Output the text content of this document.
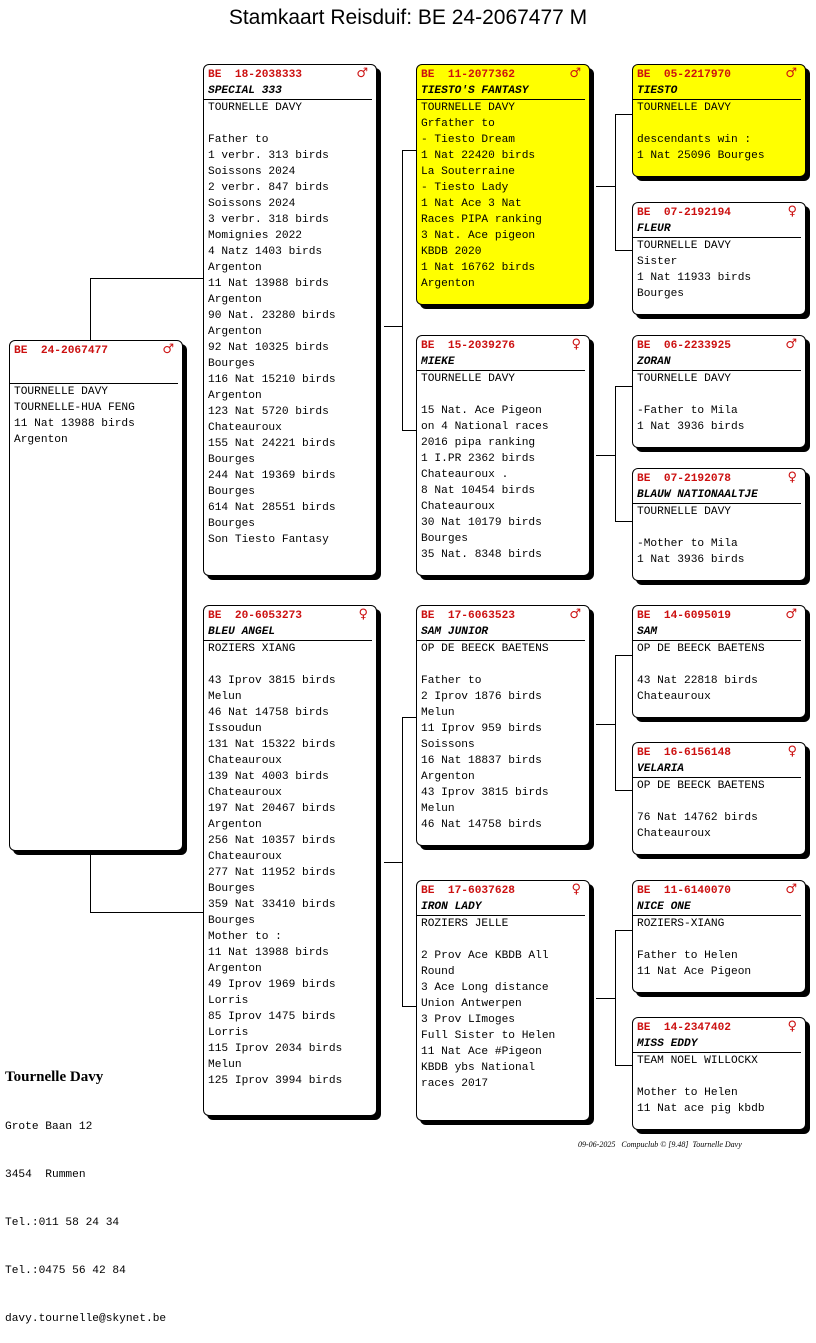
Stamkaart Reisduif: BE 24-2067477 M
BE  24-2067477	♂
TOURNELLE DAVY
TOURNELLE-HUA FENG
11 Nat 13988 birds
Argenton
BE  18-2038333	♂
SPECIAL 333
TOURNELLE DAVY

Father to
1 verbr. 313 birds
Soissons 2024
2 verbr. 847 birds
Soissons 2024
3 verbr. 318 birds
Momignies 2022
4 Natz 1403 birds
Argenton
11 Nat 13988 birds
Argenton
90 Nat. 23280 birds
Argenton
92 Nat 10325 birds
Bourges
116 Nat 15210 birds
Argenton
123 Nat 5720 birds
Chateauroux
155 Nat 24221 birds
Bourges
244 Nat 19369 birds
Bourges
614 Nat 28551 birds
Bourges
Son Tiesto Fantasy
BE  20-6053273	♀
BLEU ANGEL
ROZIERS XIANG

43 Iprov 3815 birds
Melun
46 Nat 14758 birds
Issoudun
131 Nat 15322 birds
Chateauroux
139 Nat 4003 birds
Chateauroux
197 Nat 20467 birds
Argenton
256 Nat 10357 birds
Chateauroux
277 Nat 11952 birds
Bourges
359 Nat 33410 birds
Bourges
Mother to :
11 Nat 13988 birds
Argenton
49 Iprov 1969 birds
Lorris
85 Iprov 1475 birds
Lorris
115 Iprov 2034 birds
Melun
125 Iprov 3994 birds
BE  11-2077362	♂
TIESTO'S FANTASY
TOURNELLE DAVY
Grfather to
- Tiesto Dream
1 Nat 22420 birds
La Souterraine
- Tiesto Lady
1 Nat Ace 3 Nat
Races PIPA ranking
3 Nat. Ace pigeon
KBDB 2020
1 Nat 16762 birds
Argenton
BE  15-2039276	♀
MIEKE
TOURNELLE DAVY

15 Nat. Ace Pigeon
on 4 National races
2016 pipa ranking
1 I.PR 2362 birds
Chateauroux .
8 Nat 10454 birds
Chateauroux
30 Nat 10179 birds
Bourges
35 Nat. 8348 birds
BE  17-6063523	♂
SAM JUNIOR
OP DE BEECK BAETENS

Father to
2 Iprov 1876 birds
Melun
11 Iprov 959 birds
Soissons
16 Nat 18837 birds
Argenton
43 Iprov 3815 birds
Melun
46 Nat 14758 birds
BE  17-6037628	♀
IRON LADY
ROZIERS JELLE

2 Prov Ace KBDB All
Round
3 Ace Long distance
Union Antwerpen
3 Prov LImoges
Full Sister to Helen
11 Nat Ace #Pigeon
KBDB ybs National
races 2017
BE  05-2217970	♂
TIESTO
TOURNELLE DAVY

descendants win :
1 Nat 25096 Bourges
BE  07-2192194	♀
FLEUR
TOURNELLE DAVY
Sister
1 Nat 11933 birds
Bourges
BE  06-2233925	♂
ZORAN
TOURNELLE DAVY

-Father to Mila
1 Nat 3936 birds
BE  07-2192078	♀
BLAUW NATIONAALTJE
TOURNELLE DAVY

-Mother to Mila
1 Nat 3936 birds
BE  14-6095019	♂
SAM
OP DE BEECK BAETENS

43 Nat 22818 birds
Chateauroux
BE  16-6156148	♀
VELARIA
OP DE BEECK BAETENS

76 Nat 14762 birds
Chateauroux
BE  11-6140070	♂
NICE ONE
ROZIERS-XIANG

Father to Helen
11 Nat Ace Pigeon
BE  14-2347402	♀
MISS EDDY
TEAM NOEL WILLOCKX

Mother to Helen
11 Nat ace pig kbdb

Tournelle Davy

Grote Baan 12

3454  Rummen

Tel.:011 58 24 34

Tel.:0475 56 42 84

davy.tournelle@skynet.be

09-06-2025 Compuclub © [9.48] Tournelle Davy
